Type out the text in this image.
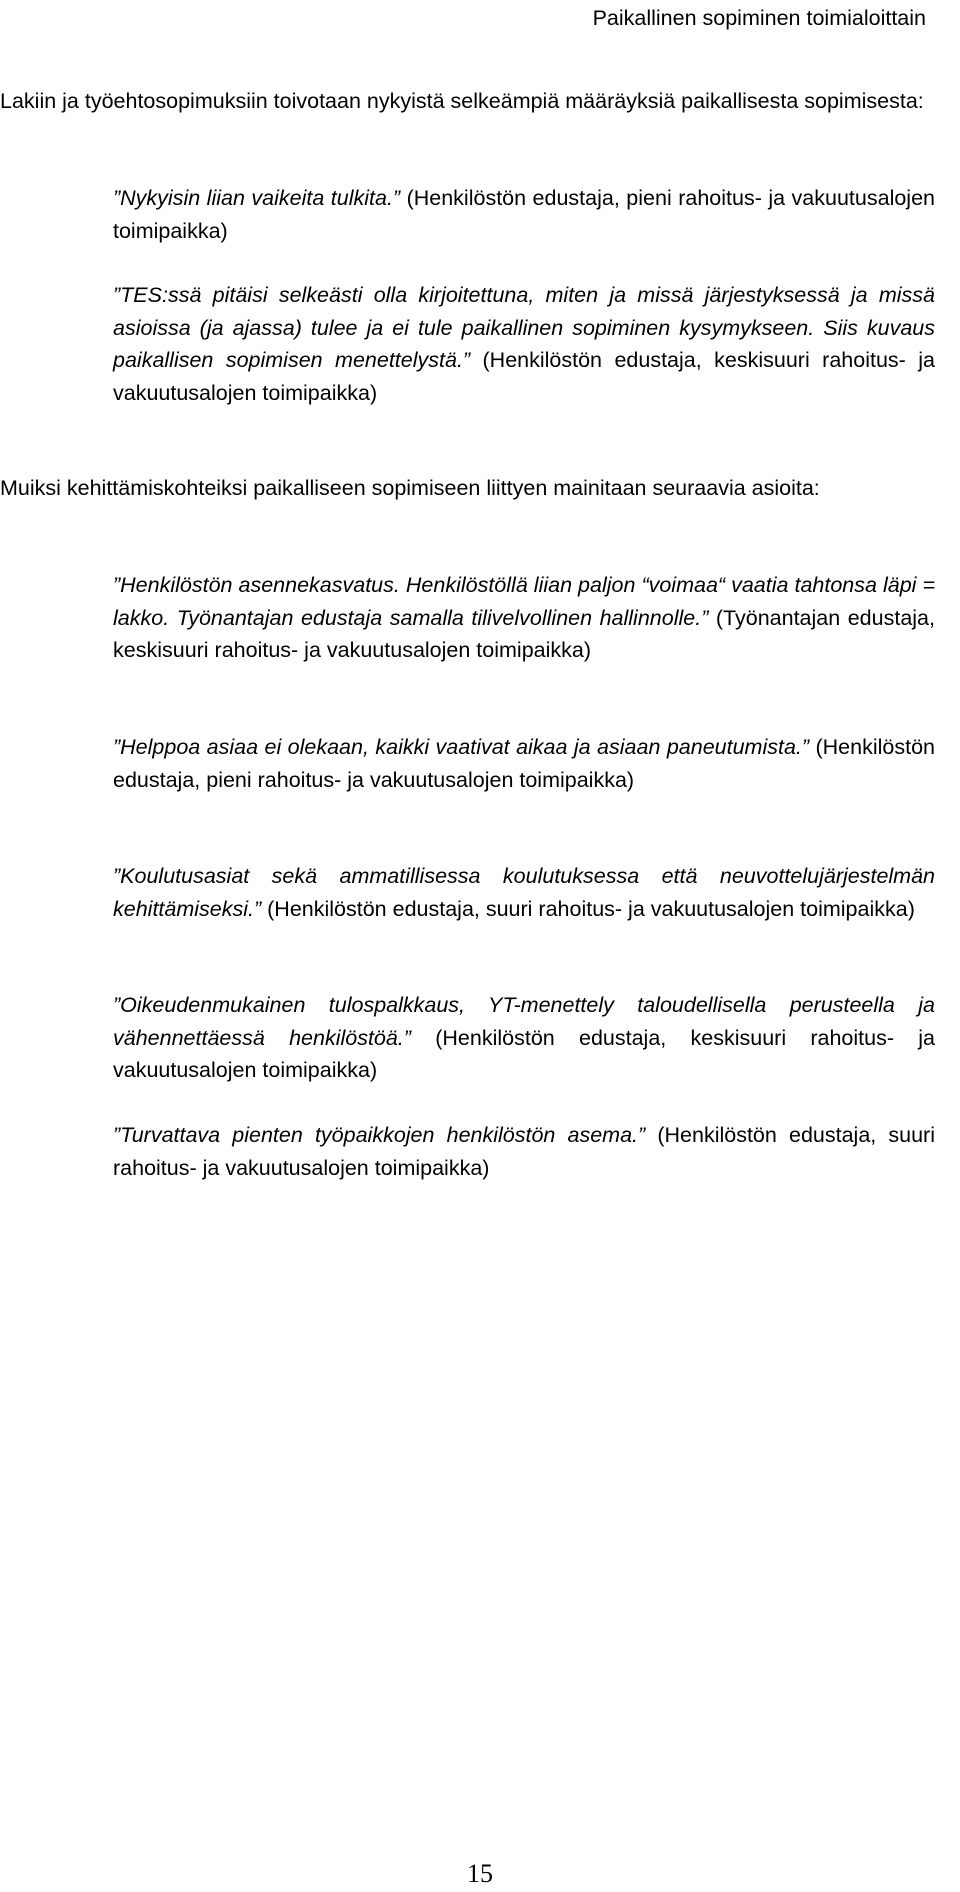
Paikallinen sopiminen toimialoittain

Lakiin ja työehtosopimuksiin toivotaan nykyistä selkeämpiä määräyksiä paikallisesta sopimisesta:

”Nykyisin liian vaikeita tulkita.” (Henkilöstön edustaja, pieni rahoitus- ja vakuutusalojen toimipaikka)

”TES:ssä pitäisi selkeästi olla kirjoitettuna, miten ja missä järjestyksessä ja missä asioissa (ja ajassa) tulee ja ei tule paikallinen sopiminen kysymykseen. Siis kuvaus paikallisen sopimisen menettelystä.” (Henkilöstön edustaja, keskisuuri rahoitus- ja vakuutusalojen toimipaikka)

Muiksi kehittämiskohteiksi paikalliseen sopimiseen liittyen mainitaan seuraavia asioita:

”Henkilöstön asennekasvatus. Henkilöstöllä liian paljon “voimaa“ vaatia tahtonsa läpi = lakko. Työnantajan edustaja samalla tilivelvollinen hallinnolle.” (Työnantajan edustaja, keskisuuri rahoitus- ja vakuutusalojen toimipaikka)

”Helppoa asiaa ei olekaan, kaikki vaativat aikaa ja asiaan paneutumista.” (Henkilöstön edustaja, pieni rahoitus- ja vakuutusalojen toimipaikka)

”Koulutusasiat sekä ammatillisessa koulutuksessa että neuvottelujärjestelmän kehittämiseksi.” (Henkilöstön edustaja, suuri rahoitus- ja vakuutusalojen toimipaikka)

”Oikeudenmukainen tulospalkkaus, YT-menettely taloudellisella perusteella ja vähennettäessä henkilöstöä.” (Henkilöstön edustaja, keskisuuri rahoitus- ja vakuutusalojen toimipaikka)

”Turvattava pienten työpaikkojen henkilöstön asema.” (Henkilöstön edustaja, suuri rahoitus- ja vakuutusalojen toimipaikka)

15
